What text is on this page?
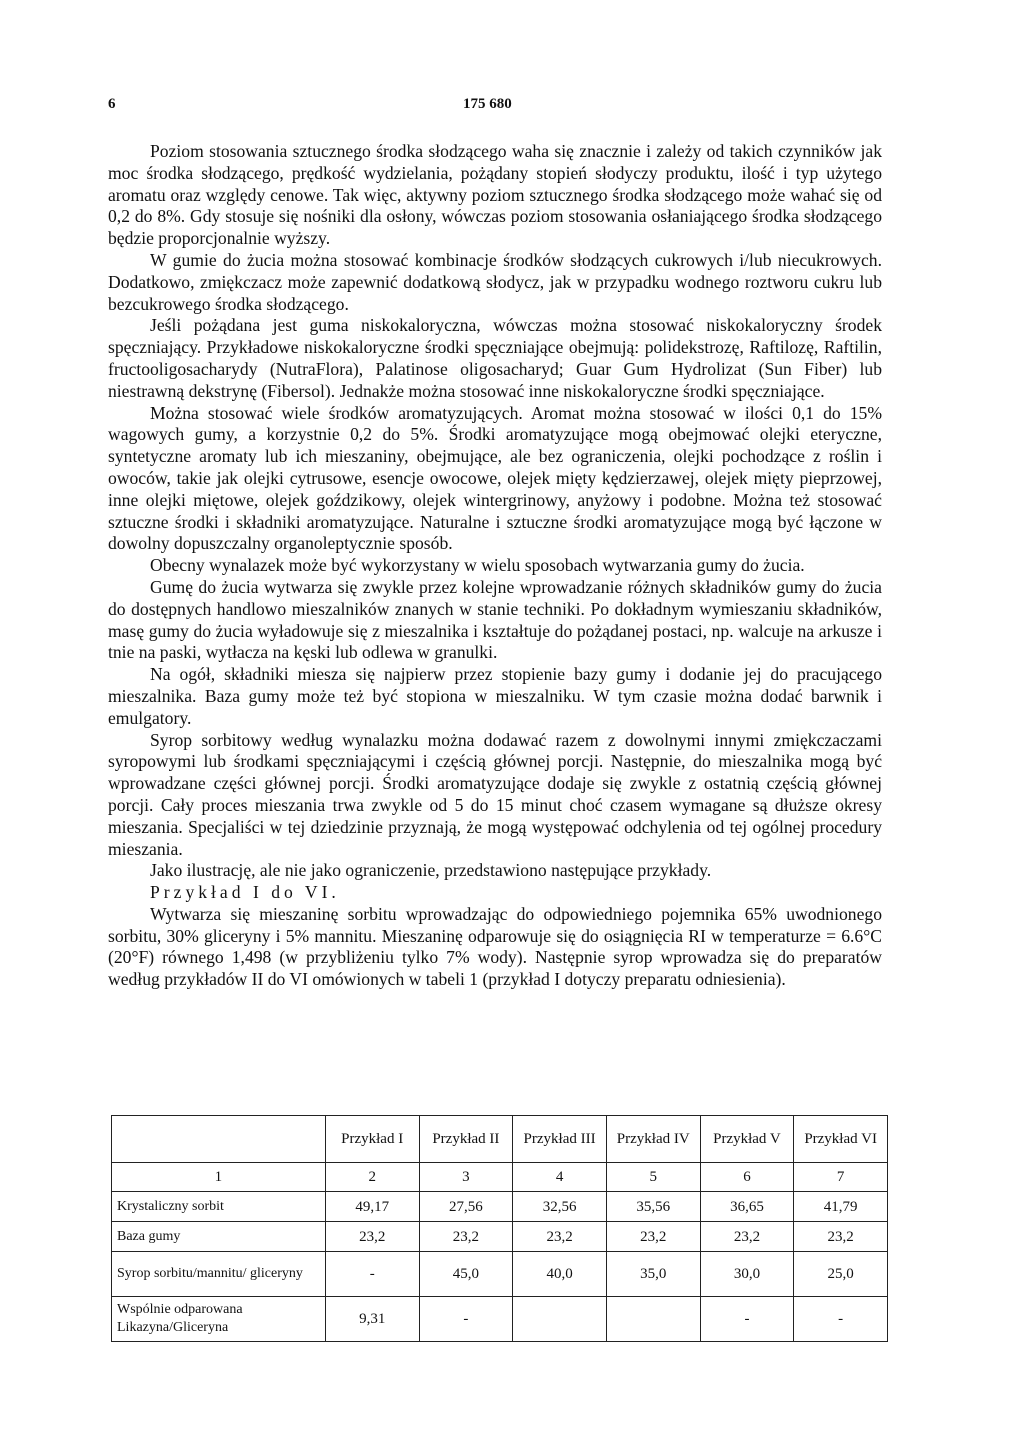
6	175 680

Poziom stosowania sztucznego środka słodzącego waha się znacznie i zależy od takich czynników jak moc środka słodzącego, prędkość wydzielania, pożądany stopień słodyczy produktu, ilość i typ użytego aromatu oraz względy cenowe. Tak więc, aktywny poziom sztucznego środka słodzącego może wahać się od 0,2 do 8%. Gdy stosuje się nośniki dla osłony, wówczas poziom stosowania osłaniającego środka słodzącego będzie proporcjonalnie wyższy.

W gumie do żucia można stosować kombinacje środków słodzących cukrowych i/lub niecukrowych. Dodatkowo, zmiękczacz może zapewnić dodatkową słodycz, jak w przypadku wodnego roztworu cukru lub bezcukrowego środka słodzącego.

Jeśli pożądana jest guma niskokaloryczna, wówczas można stosować niskokaloryczny środek spęczniający. Przykładowe niskokaloryczne środki spęczniające obejmują: polidekstrozę, Raftilozę, Raftilin, fructooligosacharydy (NutraFlora), Palatinose oligosacharyd; Guar Gum Hydrolizat (Sun Fiber) lub niestrawną dekstrynę (Fibersol). Jednakże można stosować inne niskokaloryczne środki spęczniające.

Można stosować wiele środków aromatyzujących. Aromat można stosować w ilości 0,1 do 15% wagowych gumy, a korzystnie 0,2 do 5%. Środki aromatyzujące mogą obejmować olejki eteryczne, syntetyczne aromaty lub ich mieszaniny, obejmujące, ale bez ograniczenia, olejki pochodzące z roślin i owoców, takie jak olejki cytrusowe, esencje owocowe, olejek mięty kędzierzawej, olejek mięty pieprzowej, inne olejki miętowe, olejek goździkowy, olejek wintergrinowy, anyżowy i podobne. Można też stosować sztuczne środki i składniki aromatyzujące. Naturalne i sztuczne środki aromatyzujące mogą być łączone w dowolny dopuszczalny organoleptycznie sposób.

Obecny wynalazek może być wykorzystany w wielu sposobach wytwarzania gumy do żucia.

Gumę do żucia wytwarza się zwykle przez kolejne wprowadzanie różnych składników gumy do żucia do dostępnych handlowo mieszalników znanych w stanie techniki. Po dokładnym wymieszaniu składników, masę gumy do żucia wyładowuje się z mieszalnika i kształtuje do pożądanej postaci, np. walcuje na arkusze i tnie na paski, wytłacza na kęski lub odlewa w granulki.

Na ogół, składniki miesza się najpierw przez stopienie bazy gumy i dodanie jej do pracującego mieszalnika. Baza gumy może też być stopiona w mieszalniku. W tym czasie można dodać barwnik i emulgatory.

Syrop sorbitowy według wynalazku można dodawać razem z dowolnymi innymi zmiękczaczami syropowymi lub środkami spęczniającymi i częścią głównej porcji. Następnie, do mieszalnika mogą być wprowadzane części głównej porcji. Środki aromatyzujące dodaje się zwykle z ostatnią częścią głównej porcji. Cały proces mieszania trwa zwykle od 5 do 15 minut choć czasem wymagane są dłuższe okresy mieszania. Specjaliści w tej dziedzinie przyznają, że mogą występować odchylenia od tej ogólnej procedury mieszania.

Jako ilustrację, ale nie jako ograniczenie, przedstawiono następujące przykłady.

Przykład I do VI.

Wytwarza się mieszaninę sorbitu wprowadzając do odpowiedniego pojemnika 65% uwodnionego sorbitu, 30% gliceryny i 5% mannitu. Mieszaninę odparowuje się do osiągnięcia RI w temperaturze = 6.6°C (20°F) równego 1,498 (w przybliżeniu tylko 7% wody). Następnie syrop wprowadza się do preparatów według przykładów II do VI omówionych w tabeli 1 (przykład I dotyczy preparatu odniesienia).

	Przykład I	Przykład II	Przykład III	Przykład IV	Przykład V	Przykład VI
1	2	3	4	5	6	7
Krystaliczny sorbit	49,17	27,56	32,56	35,56	36,65	41,79
Baza gumy	23,2	23,2	23,2	23,2	23,2	23,2
Syrop sorbitu/mannitu/ gliceryny	-	45,0	40,0	35,0	30,0	25,0
Wspólnie odparowana Likazyna/Gliceryna	9,31	-			-	-
